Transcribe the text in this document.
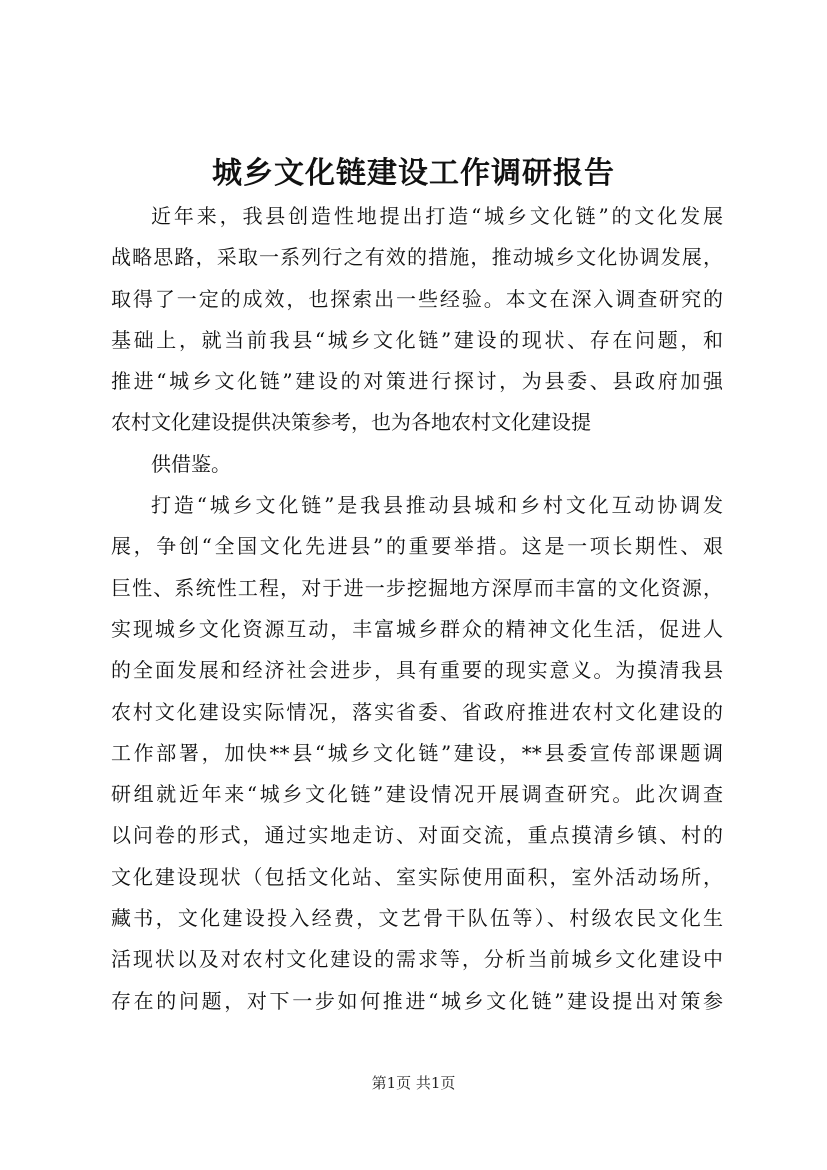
城乡文化链建设工作调研报告
近年来，我县创造性地提出打造“城乡文化链”的文化发展
战略思路，采取一系列行之有效的措施，推动城乡文化协调发展，
取得了一定的成效，也探索出一些经验。本文在深入调查研究的
基础上，就当前我县“城乡文化链”建设的现状、存在问题，和
推进“城乡文化链”建设的对策进行探讨，为县委、县政府加强
农村文化建设提供决策参考，也为各地农村文化建设提
供借鉴。
打造“城乡文化链”是我县推动县城和乡村文化互动协调发
展，争创“全国文化先进县”的重要举措。这是一项长期性、艰
巨性、系统性工程，对于进一步挖掘地方深厚而丰富的文化资源，
实现城乡文化资源互动，丰富城乡群众的精神文化生活，促进人
的全面发展和经济社会进步，具有重要的现实意义。为摸清我县
农村文化建设实际情况，落实省委、省政府推进农村文化建设的
工作部署，加快**县“城乡文化链”建设，**县委宣传部课题调
研组就近年来“城乡文化链”建设情况开展调查研究。此次调查
以问卷的形式，通过实地走访、对面交流，重点摸清乡镇、村的
文化建设现状（包括文化站、室实际使用面积，室外活动场所，
藏书，文化建设投入经费，文艺骨干队伍等）、村级农民文化生
活现状以及对农村文化建设的需求等，分析当前城乡文化建设中
存在的问题，对下一步如何推进“城乡文化链”建设提出对策参
第1页 共1页
